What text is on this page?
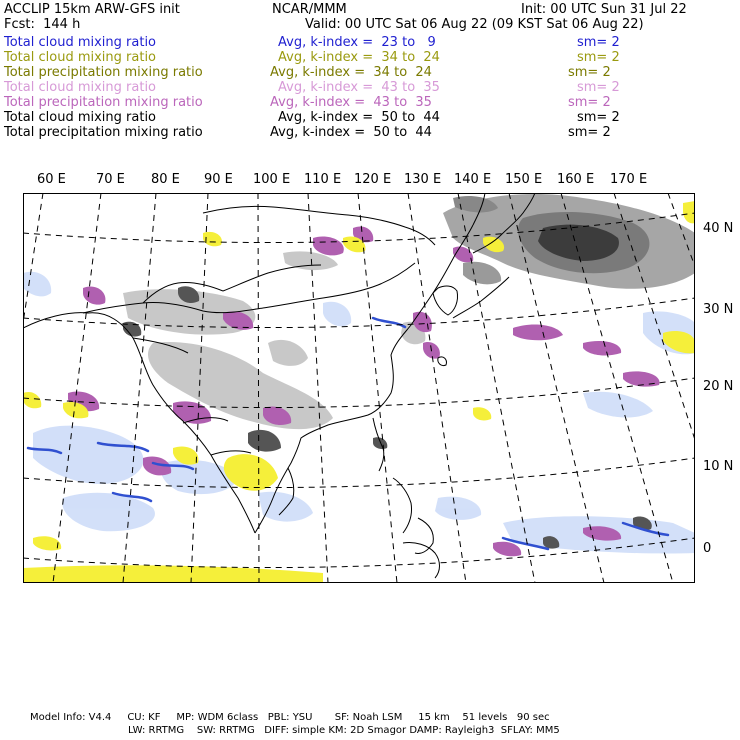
ACCLIP 15km ARW-GFS init	NCAR/MMM	Init: 00 UTC Sun 31 Jul 22
Fcst:  144 h	Valid: 00 UTC Sat 06 Aug 22 (09 KST Sat 06 Aug 22)
Total cloud mixing ratio	Avg, k-index =  23 to   9	sm= 2
Total cloud mixing ratio	Avg, k-index =  34 to  24	sm= 2
Total precipitation mixing ratio	Avg, k-index =  34 to  24	sm= 2
Total cloud mixing ratio	Avg, k-index =  43 to  35	sm= 2
Total precipitation mixing ratio	Avg, k-index =  43 to  35	sm= 2
Total cloud mixing ratio	Avg, k-index =  50 to  44	sm= 2
Total precipitation mixing ratio	Avg, k-index =  50 to  44	sm= 2
60 E 70 E 80 E 90 E 100 E 110 E 120 E 130 E 140 E 150 E 160 E 170 E
40 N
30 N
20 N
10 N
0
Model Info: V4.4     CU: KF     MP: WDM 6class   PBL: YSU       SF: Noah LSM     15 km    51 levels   90 sec
LW: RRTMG    SW: RRTMG   DIFF: simple KM: 2D Smagor DAMP: Rayleigh3  SFLAY: MM5
